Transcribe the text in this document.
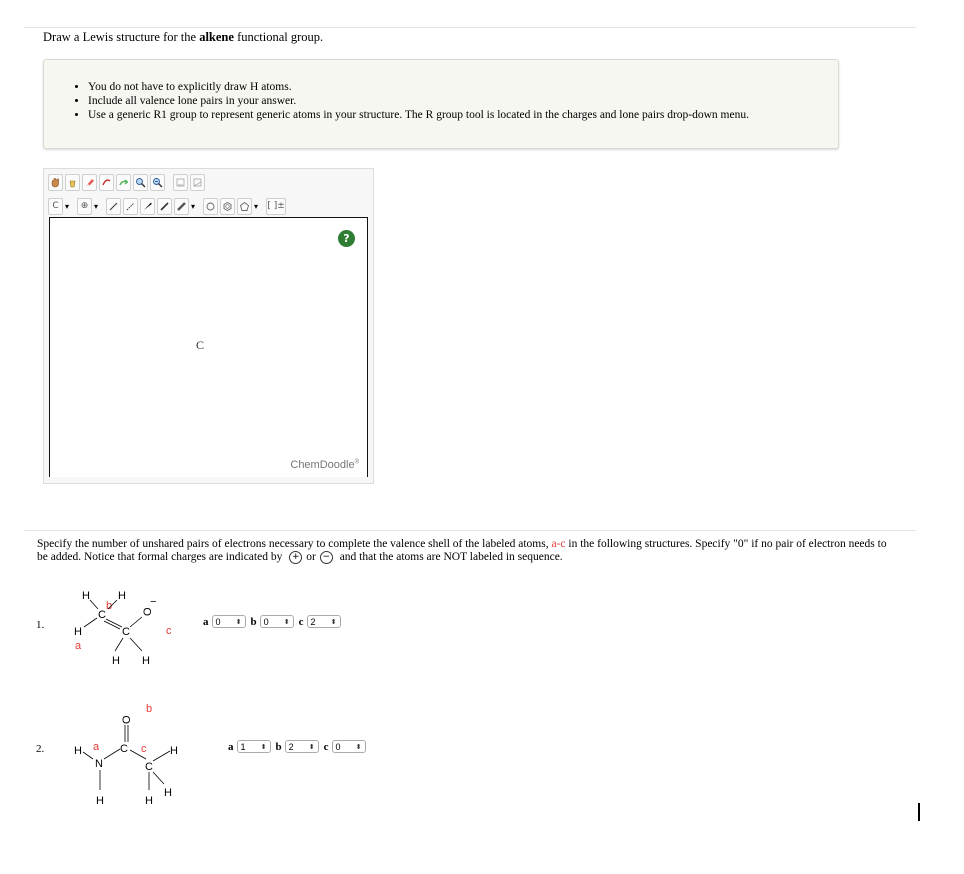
Draw a Lewis structure for the alkene functional group.
• You do not have to explicitly draw H atoms.
• Include all valence lone pairs in your answer.
• Use a generic R1 group to represent generic atoms in your structure. The R group tool is located in the charges and lone pairs drop-down menu.
C ▾	⊕ ▾	▾	▾ [ ]±
?
C
ChemDoodle®
Specify the number of unshared pairs of electrons necessary to complete the valence shell of the labeled atoms, a-c in the following structures. Specify "0" if no pair of electron needs to be added. Notice that formal charges are indicated by + or − and that the atoms are NOT labeled in sequence.
1.
H	H
b
C
H
a
C
O
−
c
H H
a 0 ⬍ b 0 ⬍ c 2 ⬍
2.
b
O
H a
N
C c
C
H
H	H
H
a 1 ⬍ b 2 ⬍ c 0 ⬍
